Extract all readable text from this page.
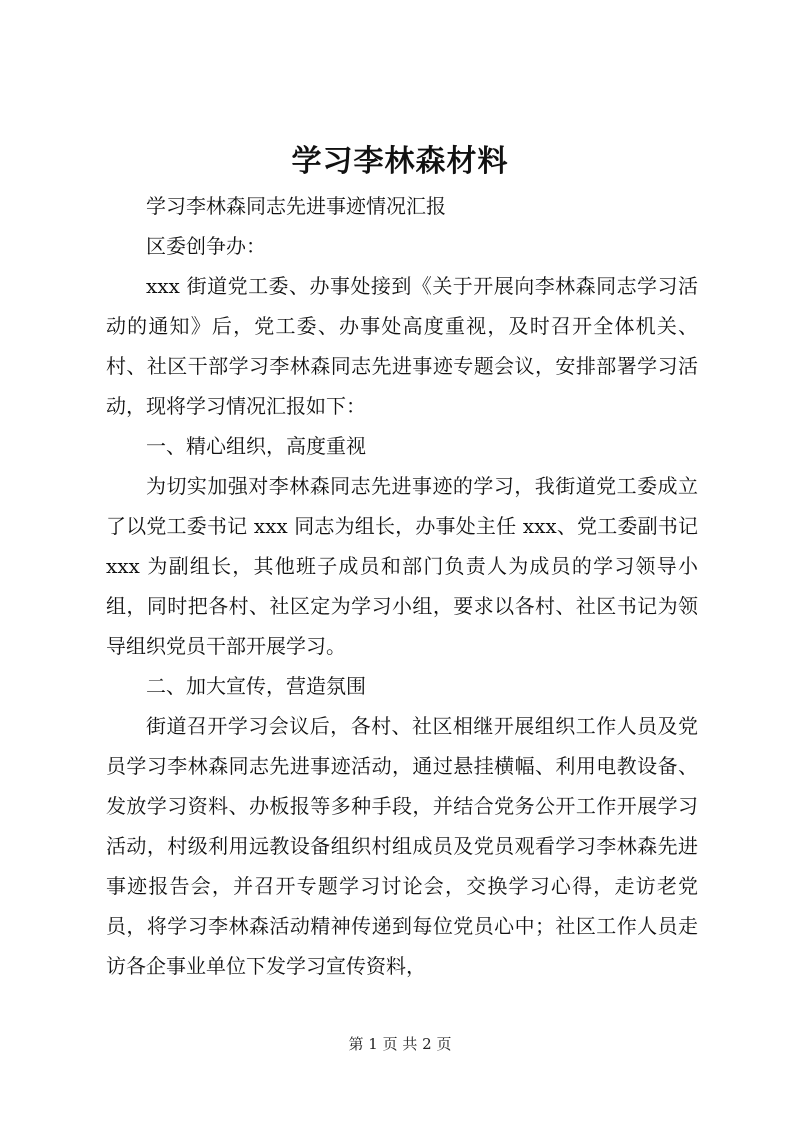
学习李林森材料

学习李林森同志先进事迹情况汇报

区委创争办：

xxx 街道党工委、办事处接到《关于开展向李林森同志学习活动的通知》后，党工委、办事处高度重视，及时召开全体机关、村、社区干部学习李林森同志先进事迹专题会议，安排部署学习活动，现将学习情况汇报如下：

一、精心组织，高度重视

为切实加强对李林森同志先进事迹的学习，我街道党工委成立了以党工委书记 xxx 同志为组长，办事处主任 xxx、党工委副书记 xxx 为副组长，其他班子成员和部门负责人为成员的学习领导小组，同时把各村、社区定为学习小组，要求以各村、社区书记为领导组织党员干部开展学习。

二、加大宣传，营造氛围

街道召开学习会议后，各村、社区相继开展组织工作人员及党员学习李林森同志先进事迹活动，通过悬挂横幅、利用电教设备、发放学习资料、办板报等多种手段，并结合党务公开工作开展学习活动，村级利用远教设备组织村组成员及党员观看学习李林森先进事迹报告会，并召开专题学习讨论会，交换学习心得，走访老党员，将学习李林森活动精神传递到每位党员心中；社区工作人员走访各企事业单位下发学习宣传资料，

第 1 页 共 2 页
